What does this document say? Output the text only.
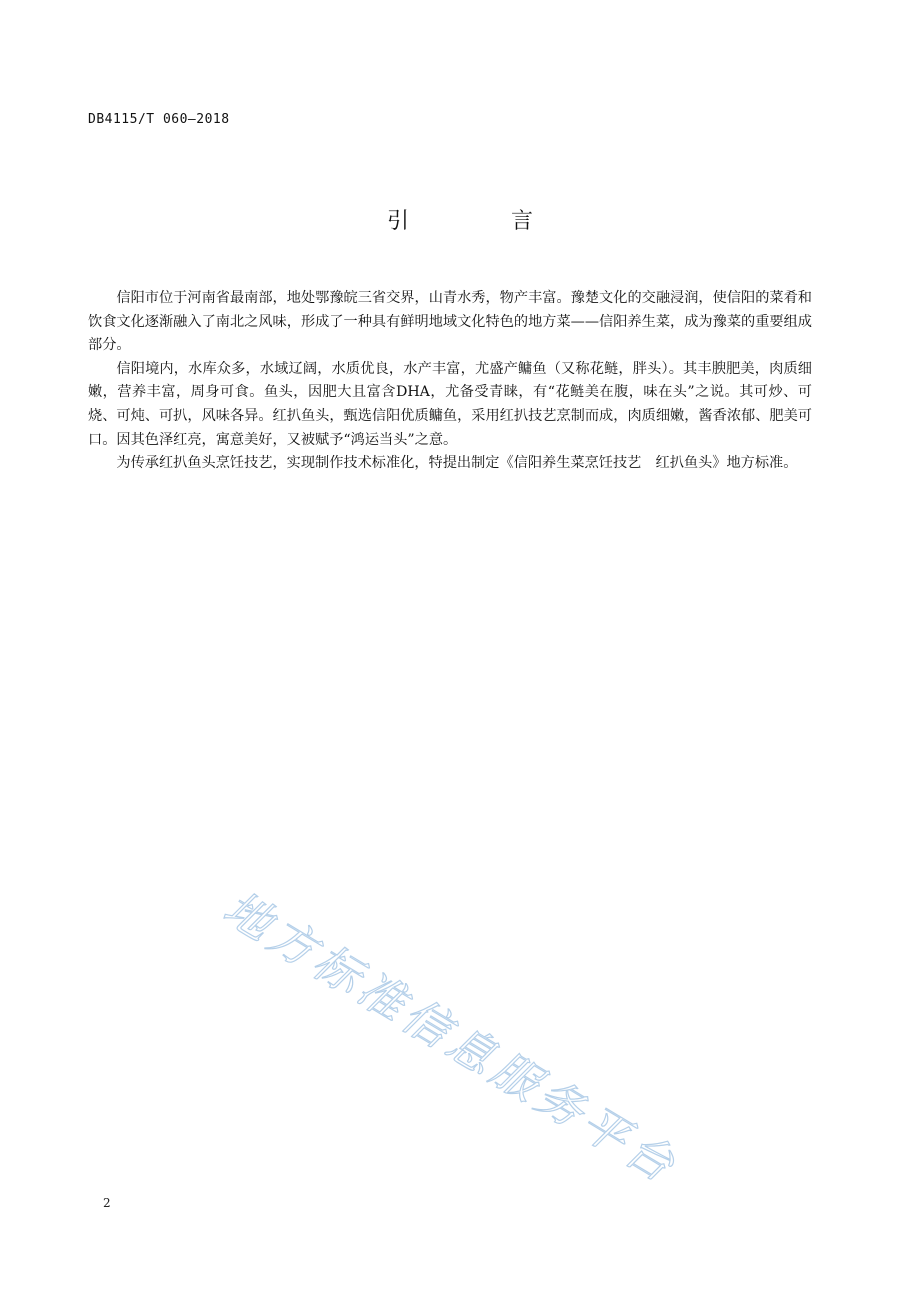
DB4115/T 060—2018
引　言

信阳市位于河南省最南部，地处鄂豫皖三省交界，山青水秀，物产丰富。豫楚文化的交融浸润，使信阳的菜肴和饮食文化逐渐融入了南北之风味，形成了一种具有鲜明地域文化特色的地方菜——信阳养生菜，成为豫菜的重要组成部分。

信阳境内，水库众多，水域辽阔，水质优良，水产丰富，尤盛产鳙鱼（又称花鲢，胖头）。其丰腴肥美，肉质细嫩，营养丰富，周身可食。鱼头，因肥大且富含DHA，尤备受青睐，有“花鲢美在腹，味在头”之说。其可炒、可烧、可炖、可扒，风味各异。红扒鱼头，甄选信阳优质鳙鱼，采用红扒技艺烹制而成，肉质细嫩，酱香浓郁、肥美可口。因其色泽红亮，寓意美好，又被赋予“鸿运当头”之意。

为传承红扒鱼头烹饪技艺，实现制作技术标准化，特提出制定《信阳养生菜烹饪技艺　红扒鱼头》地方标准。

地方标准信息服务平台
2
